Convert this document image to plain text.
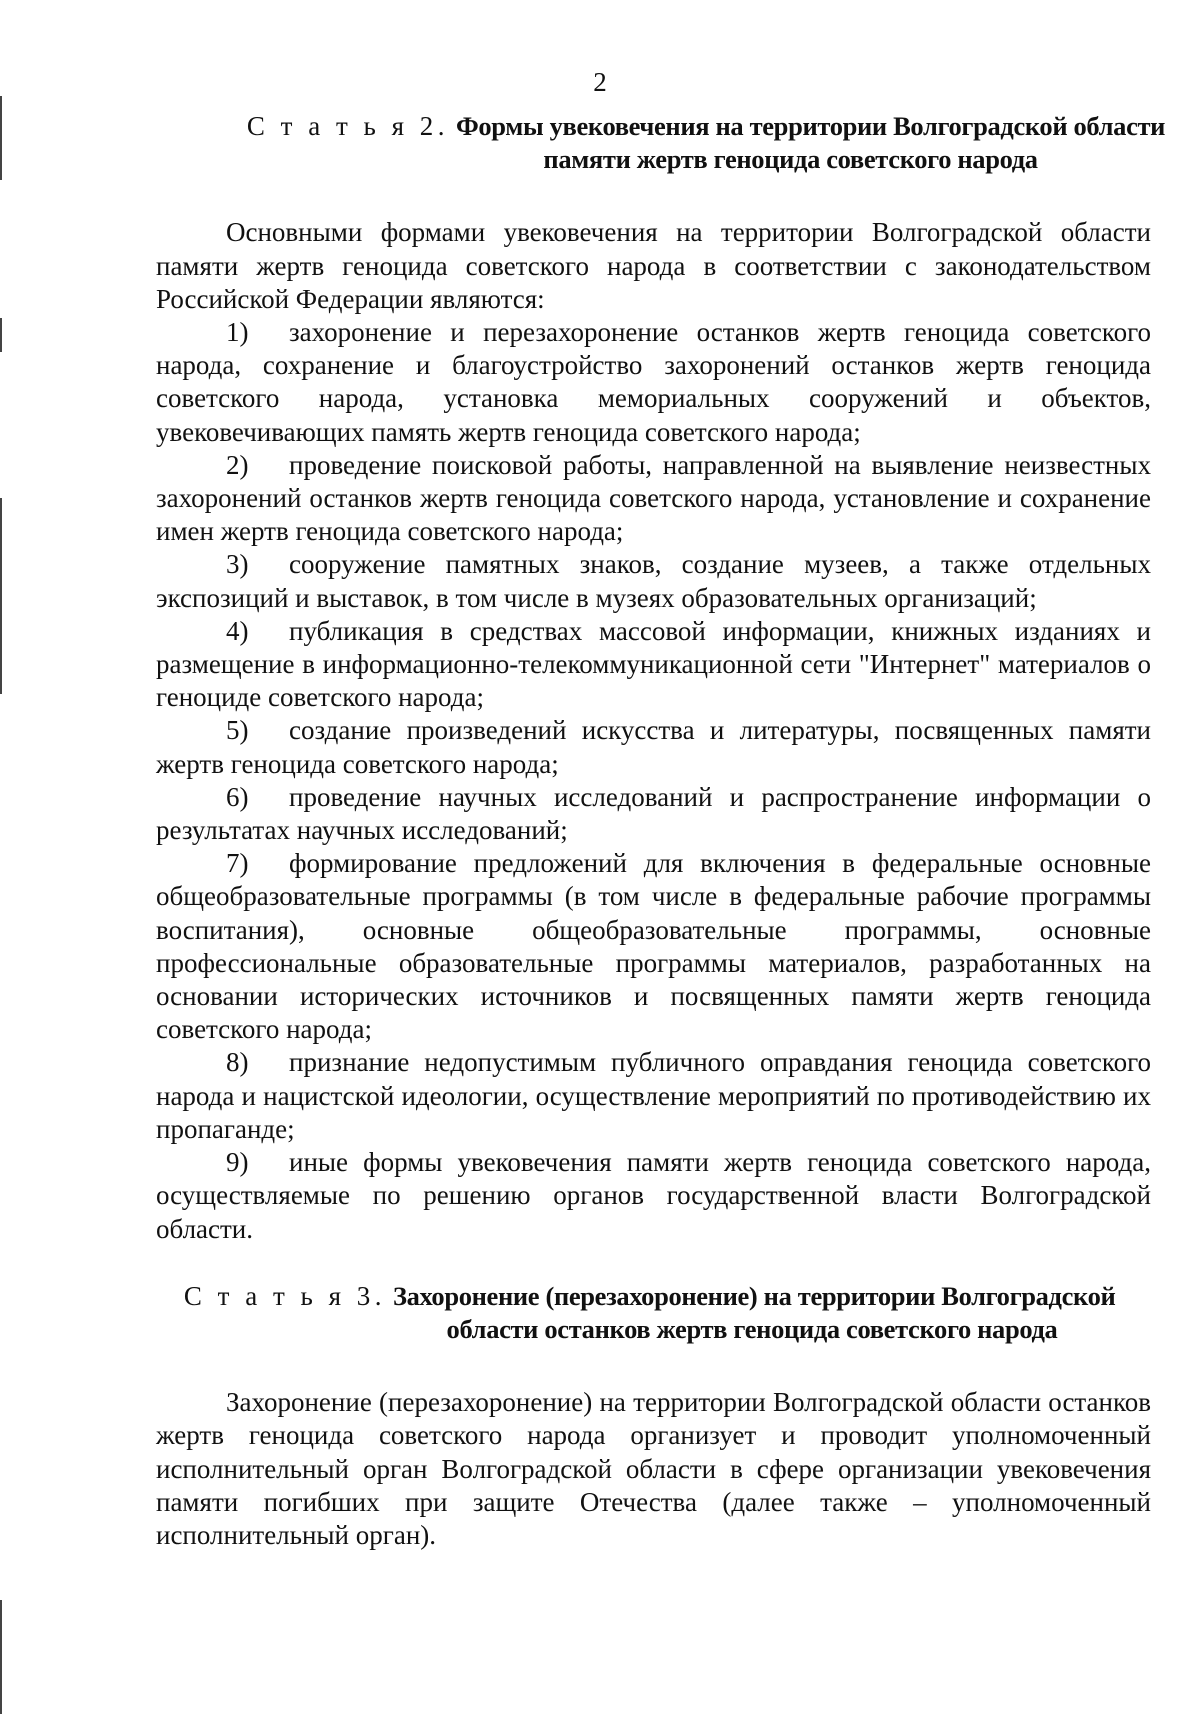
2
С т а т ь я 2. Формы увековечения на территории Волгоградской области
памяти жертв геноцида советского народа

Основными формами увековечения на территории Волгоградской области памяти жертв геноцида советского народа в соответствии с законодательством Российской Федерации являются:

1) захоронение и перезахоронение останков жертв геноцида советского народа, сохранение и благоустройство захоронений останков жертв геноцида советского народа, установка мемориальных сооружений и объектов, увековечивающих память жертв геноцида советского народа;

2) проведение поисковой работы, направленной на выявление неизвестных захоронений останков жертв геноцида советского народа, установление и сохранение имен жертв геноцида советского народа;

3) сооружение памятных знаков, создание музеев, а также отдельных экспозиций и выставок, в том числе в музеях образовательных организаций;

4) публикация в средствах массовой информации, книжных изданиях и размещение в информационно-телекоммуникационной сети "Интернет" материалов о геноциде советского народа;

5) создание произведений искусства и литературы, посвященных памяти жертв геноцида советского народа;

6) проведение научных исследований и распространение информации о результатах научных исследований;

7) формирование предложений для включения в федеральные основные общеобразовательные программы (в том числе в федеральные рабочие программы воспитания), основные общеобразовательные программы, основные профессиональные образовательные программы материалов, разработанных на основании исторических источников и посвященных памяти жертв геноцида советского народа;

8) признание недопустимым публичного оправдания геноцида советского народа и нацистской идеологии, осуществление мероприятий по противодействию их пропаганде;

9) иные формы увековечения памяти жертв геноцида советского народа, осуществляемые по решению органов государственной власти Волгоградской области.

С т а т ь я 3. Захоронение (перезахоронение) на территории Волгоградской
области останков жертв геноцида советского народа

Захоронение (перезахоронение) на территории Волгоградской области останков жертв геноцида советского народа организует и проводит уполномоченный исполнительный орган Волгоградской области в сфере организации увековечения памяти погибших при защите Отечества (далее также – уполномоченный исполнительный орган).
